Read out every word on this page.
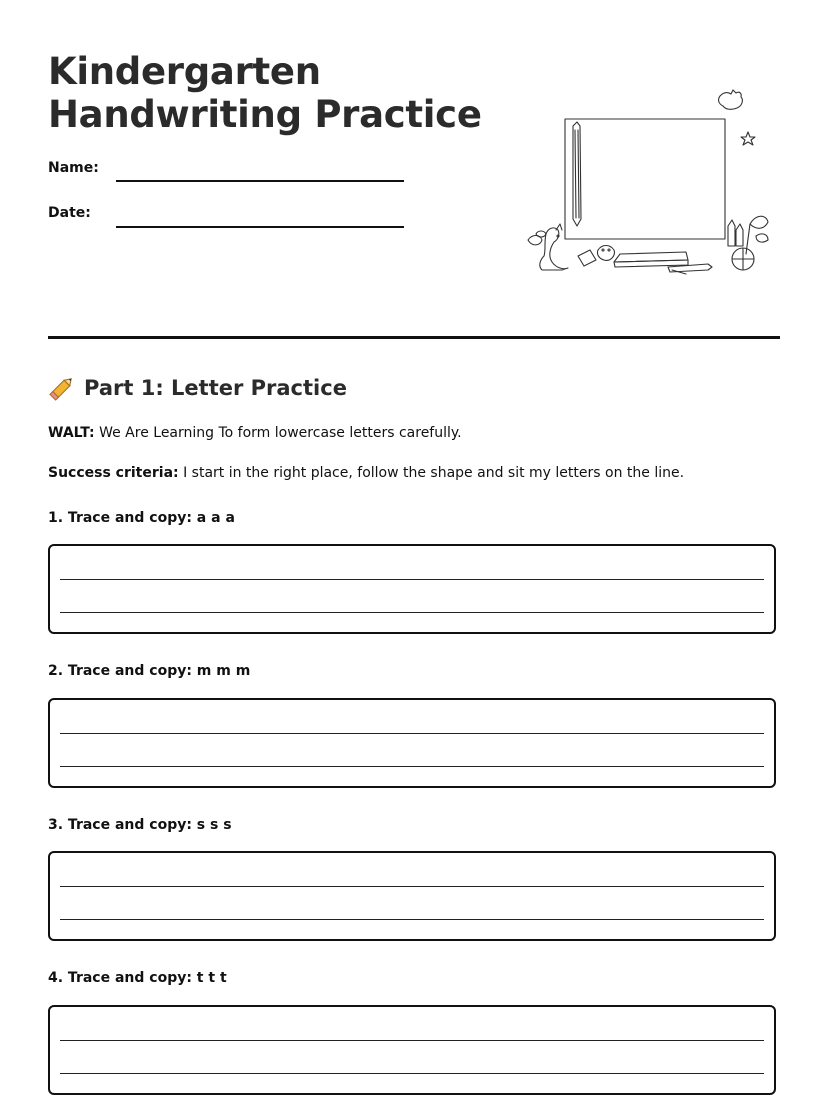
Kindergarten
Handwriting Practice
Name:
Date:
Part 1: Letter Practice

WALT: We Are Learning To form lowercase letters carefully.

Success criteria: I start in the right place, follow the shape and sit my letters on the line.

1. Trace and copy: a a a

2. Trace and copy: m m m

3. Trace and copy: s s s

4. Trace and copy: t t t
